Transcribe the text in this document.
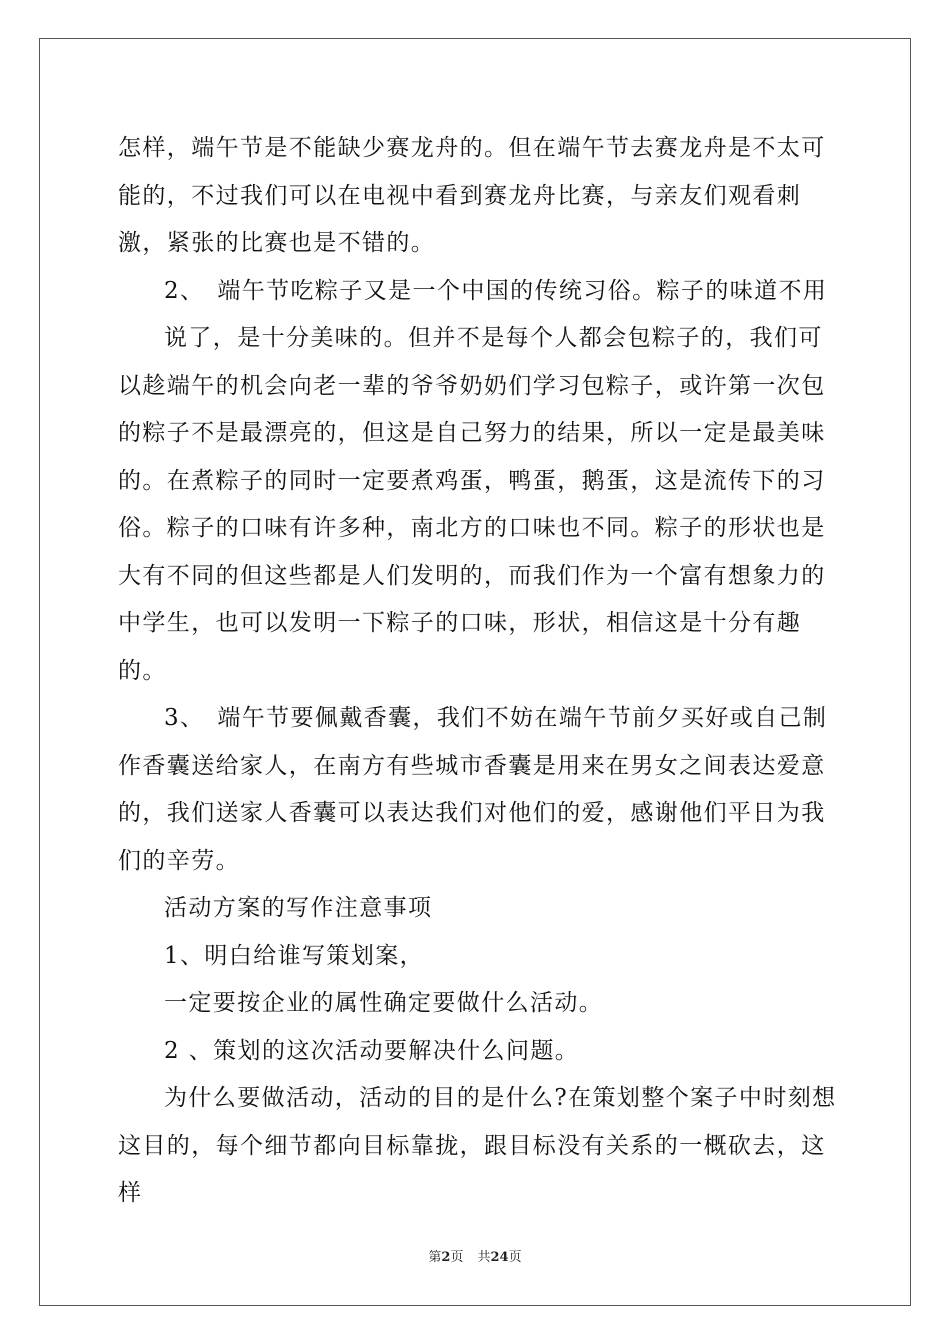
怎样，端午节是不能缺少赛龙舟的。但在端午节去赛龙舟是不太可能的，不过我们可以在电视中看到赛龙舟比赛，与亲友们观看刺激，紧张的比赛也是不错的。

2、　端午节吃粽子又是一个中国的传统习俗。粽子的味道不用

说了，是十分美味的。但并不是每个人都会包粽子的，我们可以趁端午的机会向老一辈的爷爷奶奶们学习包粽子，或许第一次包的粽子不是最漂亮的，但这是自己努力的结果，所以一定是最美味的。在煮粽子的同时一定要煮鸡蛋，鸭蛋，鹅蛋，这是流传下的习俗。粽子的口味有许多种，南北方的口味也不同。粽子的形状也是大有不同的但这些都是人们发明的，而我们作为一个富有想象力的中学生，也可以发明一下粽子的口味，形状，相信这是十分有趣的。

3、　端午节要佩戴香囊，我们不妨在端午节前夕买好或自己制作香囊送给家人，在南方有些城市香囊是用来在男女之间表达爱意的，我们送家人香囊可以表达我们对他们的爱，感谢他们平日为我们的辛劳。

活动方案的写作注意事项

1、明白给谁写策划案，

一定要按企业的属性确定要做什么活动。

2 、策划的这次活动要解决什么问题。

为什么要做活动，活动的目的是什么?在策划整个案子中时刻想这目的，每个细节都向目标靠拢，跟目标没有关系的一概砍去，这样

第2页 共24页
